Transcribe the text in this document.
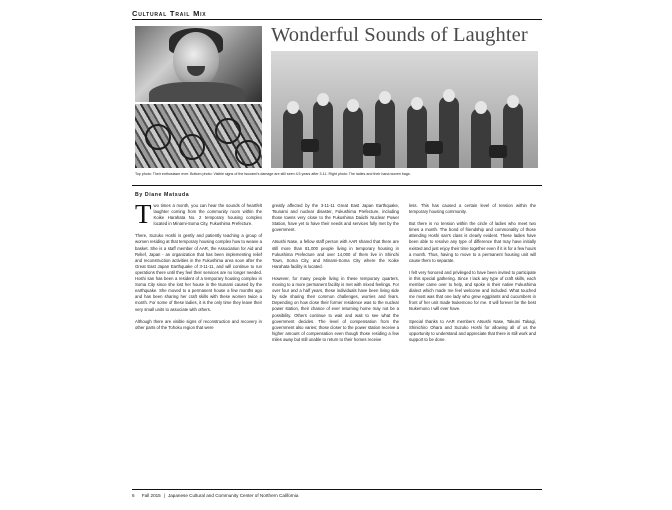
Cultural Trail Mix
Wonderful Sounds of Laughter
Top photo: Their enthusiasm ever. Bottom photo: Visible signs of the tsunami's damage are still seen 4.5 years after 3-11. Right photo: The ladies and their hand-woven bags.
By Diane Matsuda

Two times a month, you can hear the sounds of heartfelt laughter coming from the community room within the Koike Harahata No. 2 temporary housing complex located in Minami-Soma City, Fukushima Prefecture.

There, Suzuko Hoshi is gently and patiently teaching a group of women residing at that temporary housing complex how to weave a basket. She is a staff member of AAR, the Association for Aid and Relief, Japan - an organization that has been implementing relief and reconstruction activities in the Fukushima area soon after the Great East Japan Earthquake of 3-11-11, and will continue to run operations there until they feel their services are no longer needed. Hoshi san has been a resident of a temporary housing complex in Soma City since she lost her house in the tsunami caused by the earthquake. She moved to a permanent house a few months ago and has been sharing her craft skills with these women twice a month. For some of these ladies, it is the only time they leave their very small units to associate with others.

Although there are visible signs of reconstruction and recovery in other parts of the Tohoku region that were

greatly affected by the 3-11-11 Great East Japan Earthquake, Tsunami and nuclear disaster, Fukushima Prefecture, including those towns very close to the Fukushima Daiichi Nuclear Power Station, have yet to have their needs and services fully met by the government.

Atsushi Nase, a fellow staff person with AAR shared that there are still more than 81,000 people living in temporary housing in Fukushima Prefecture and over 14,000 of them live in Shinchi Town, Soma City, and Minami-Soma City where the Koike Harahata facility is located.

However, for many people living in these temporary quarters, moving to a more permanent facility is met with mixed feelings. For over four and a half years, these individuals have been living side by side sharing their common challenges, worries and fears. Depending on how close their former residence was to the nuclear power station, their chance of ever returning home may not be a possibility. Others continue to wait and wait to see what the government decides. The level of compensation from the government also varies; those closer to the power station receive a higher amount of compensation even though those residing a few miles away but still unable to return to their homes receive

less. This has caused a certain level of tension within the temporary housing community.

But there is no tension within the circle of ladies who meet two times a month. The bond of friendship and commonality of those attending Hoshi san's class is clearly evident. These ladies have been able to resolve any type of difference that may have initially existed and just enjoy their time together even if it is for a few hours a month. Thus, having to move to a permanent housing unit will cause them to separate.

I felt very honored and privileged to have been invited to participate in this special gathering. Since I lack any type of craft skills, each member came over to help, and spoke in their native Fukushima dialect which made me feel welcome and included. What touched me most was that one lady who grew eggplants and cucumbers in front of her unit made tsukemono for me. It will forever be the best tsukemono I will ever have.

Special thanks to AAR members Atsushi Nase, Takumi Takagi, Shinichiro Ohara and Suzuko Hoshi for allowing all of us the opportunity to understand and appreciate that there is still work and support to be done.

6 Fall 2015 | Japanese Cultural and Community Center of Northern California
